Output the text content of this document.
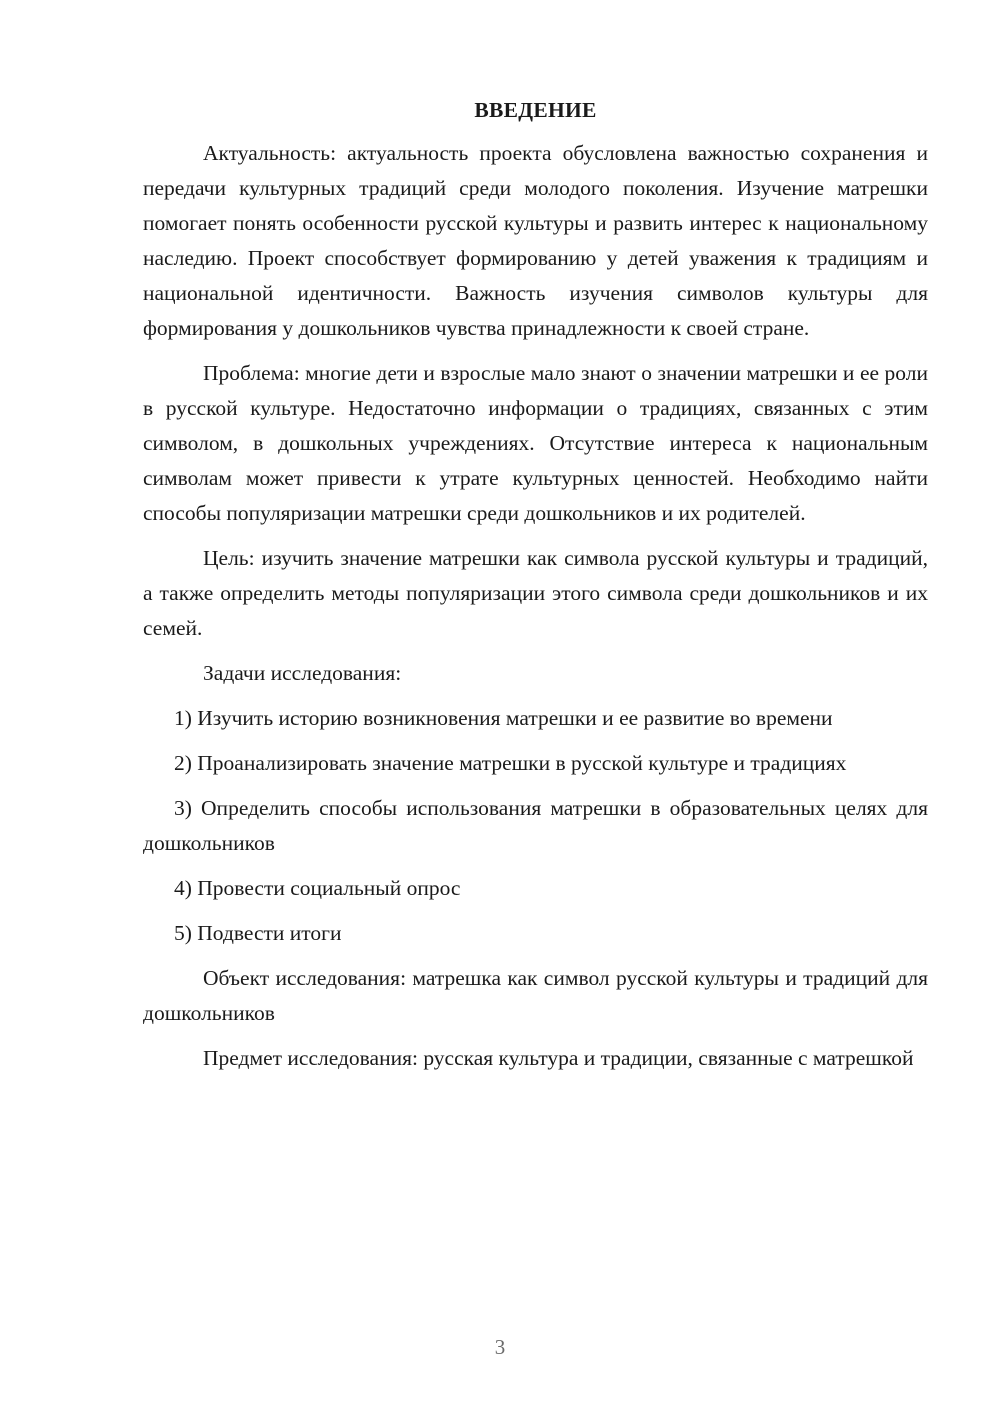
ВВЕДЕНИЕ

Актуальность: актуальность проекта обусловлена важностью сохранения и передачи культурных традиций среди молодого поколения. Изучение матрешки помогает понять особенности русской культуры и развить интерес к национальному наследию. Проект способствует формированию у детей уважения к традициям и национальной идентичности. Важность изучения символов культуры для формирования у дошкольников чувства принадлежности к своей стране.

Проблема: многие дети и взрослые мало знают о значении матрешки и ее роли в русской культуре. Недостаточно информации о традициях, связанных с этим символом, в дошкольных учреждениях. Отсутствие интереса к национальным символам может привести к утрате культурных ценностей. Необходимо найти способы популяризации матрешки среди дошкольников и их родителей.

Цель: изучить значение матрешки как символа русской культуры и традиций, а также определить методы популяризации этого символа среди дошкольников и их семей.

Задачи исследования:

1) Изучить историю возникновения матрешки и ее развитие во времени

2) Проанализировать значение матрешки в русской культуре и традициях

3) Определить способы использования матрешки в образовательных целях для дошкольников

4) Провести социальный опрос

5) Подвести итоги

Объект исследования: матрешка как символ русской культуры и традиций для дошкольников

Предмет исследования: русская культура и традиции, связанные с матрешкой

3
